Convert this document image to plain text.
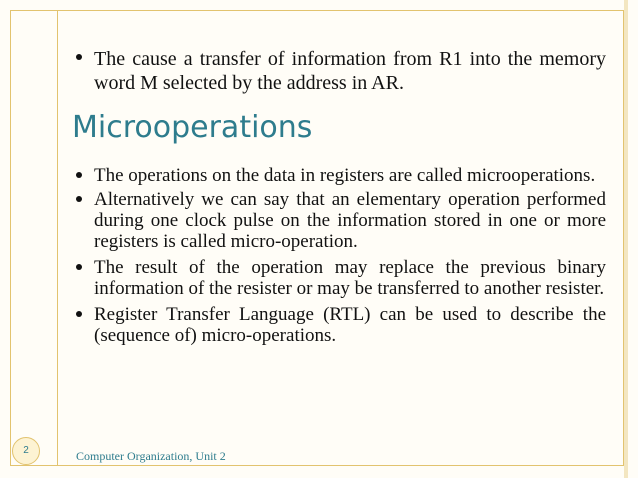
The cause a transfer of information from R1 into the memory word M selected by the address in AR.
Microoperations
The operations on the data in registers are called microoperations.
Alternatively we can say that an elementary operation performed during one clock pulse on the information stored in one or more registers is called micro-operation.
The result of the operation may replace the previous binary information of the resister or may be transferred to another resister.
Register Transfer Language (RTL) can be used to describe the (sequence of) micro-operations.
2	Computer Organization, Unit 2
